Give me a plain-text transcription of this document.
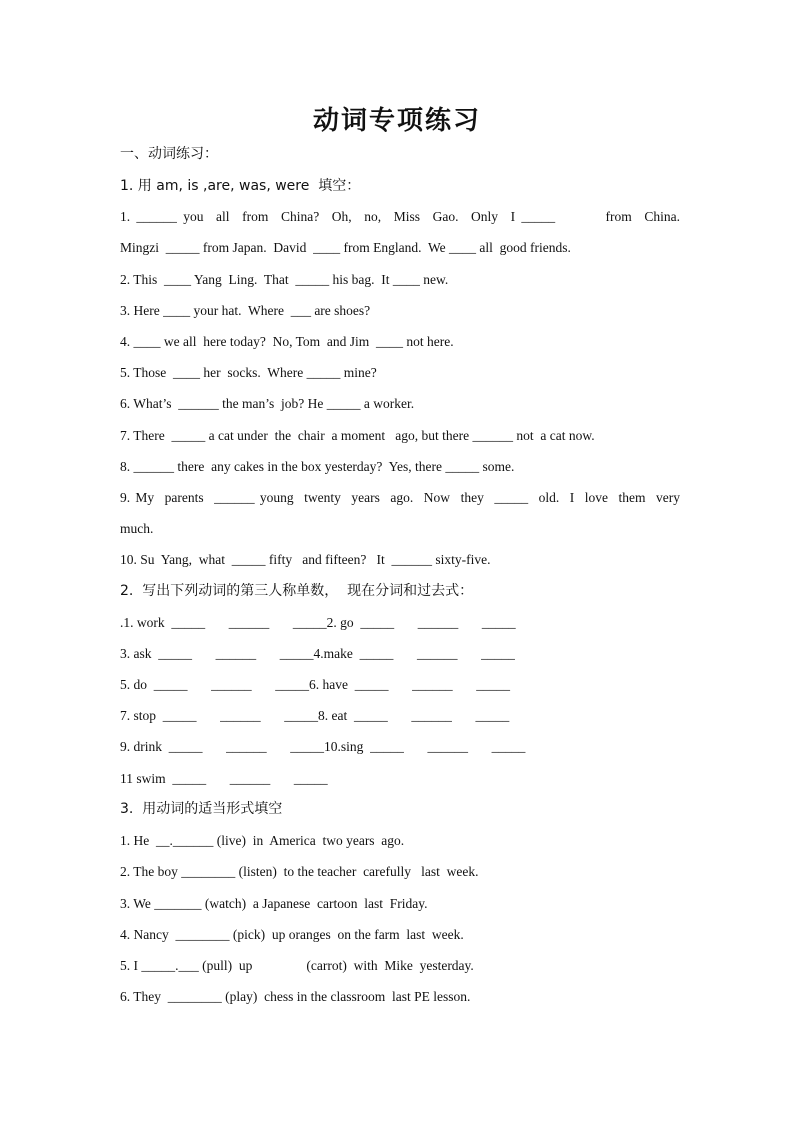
动词专项练习
一、动词练习：
1. 用 am, is ,are, was, were  填空：
1. ______ you  all  from  China?  Oh,  no,  Miss  Gao.  Only  I _____        from  China.
Mingzi  _____ from Japan.  David  ____ from England.  We ____ all  good friends.
2. This  ____ Yang  Ling.  That  _____ his bag.  It ____ new.
3. Here ____ your hat.  Where  ___ are shoes?
4. ____ we all  here today?  No, Tom  and Jim  ____ not here.
5. Those  ____ her  socks.  Where _____ mine?
6. What’s  ______ the man’s  job? He _____ a worker.
7. There  _____ a cat under  the  chair  a moment   ago, but there ______ not  a cat now.
8. ______ there  any cakes in the box yesterday?  Yes, there _____ some.
9. My  parents  ______ young  twenty  years  ago.  Now  they  _____  old.  I  love  them  very
much.
10. Su  Yang,  what  _____ fifty   and fifteen?   It  ______ sixty-five.
2.  写出下列动词的第三人称单数，  现在分词和过去式：
.1. work  _____       ______       _____2. go  _____       ______       _____
3. ask  _____       ______       _____4.make  _____       ______       _____
5. do  _____       ______       _____6. have  _____       ______       _____
7. stop  _____       ______       _____8. eat  _____       ______       _____
9. drink  _____       ______       _____10.sing  _____       ______       _____
11 swim  _____       ______       _____
3.  用动词的适当形式填空
1. He  __.______ (live)  in  America  two years  ago.
2. The boy ________ (listen)  to the teacher  carefully   last  week.
3. We _______ (watch)  a Japanese  cartoon  last  Friday.
4. Nancy  ________ (pick)  up oranges  on the farm  last  week.
5. I _____.___ (pull)  up                (carrot)  with  Mike  yesterday.
6. They  ________ (play)  chess in the classroom  last PE lesson.
